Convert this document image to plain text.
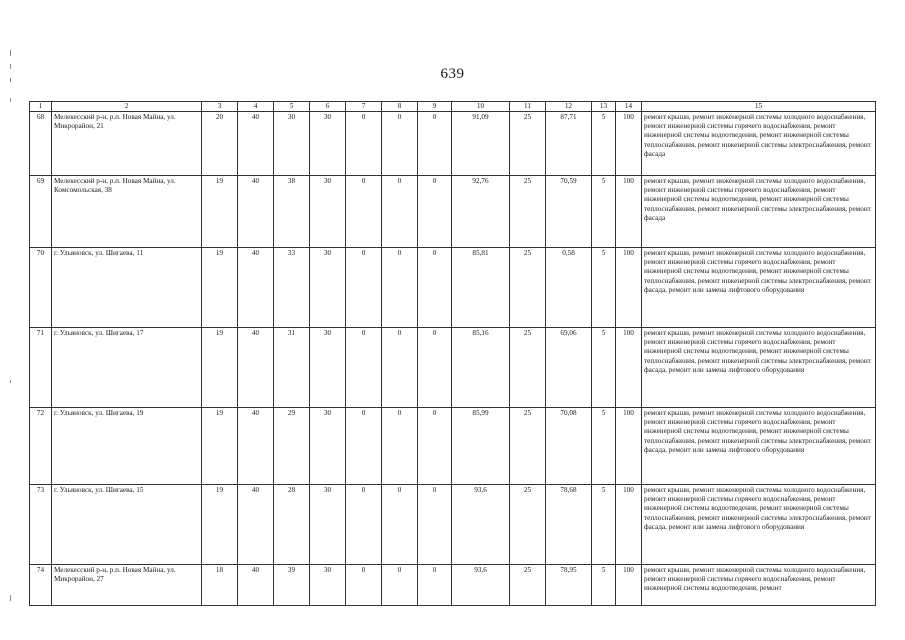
639
1	2	3	4	5	6	7	8	9	10	11	12	13	14	15
68	Мелекесский р-н, р.п. Новая Майна, ул. Микрорайон, 21	20	40	30	30	0	0	0	91,09	25	87,71	5	100	ремонт крыши, ремонт инженерной системы холодного водоснабжения, ремонт инженерной системы горячего водоснабжения, ремонт инженерной системы водоотведения, ремонт инженерной системы теплоснабжения, ремонт инженерной системы электроснабжения, ремонт фасада
69	Мелекесский р-н, р.п. Новая Майна, ул. Комсомольская, 38	19	40	38	30	0	0	0	92,76	25	70,59	5	100	ремонт крыши, ремонт инженерной системы холодного водоснабжения, ремонт инженерной системы горячего водоснабжения, ремонт инженерной системы водоотведения, ремонт инженерной системы теплоснабжения, ремонт инженерной системы электроснабжения, ремонт фасада
70	г. Ульяновск, ул. Шигаева, 11	19	40	33	30	0	0	0	85,81	25	0,58	5	100	ремонт крыши, ремонт инженерной системы холодного водоснабжения, ремонт инженерной системы горячего водоснабжения, ремонт инженерной системы водоотведения, ремонт инженерной системы теплоснабжения, ремонт инженерной системы электроснабжения, ремонт фасада, ремонт или замена лифтового оборудования
71	г. Ульяновск, ул. Шигаева, 17	19	40	31	30	0	0	0	85,16	25	69,06	5	100	ремонт крыши, ремонт инженерной системы холодного водоснабжения, ремонт инженерной системы горячего водоснабжения, ремонт инженерной системы водоотведения, ремонт инженерной системы теплоснабжения, ремонт инженерной системы электроснабжения, ремонт фасада, ремонт или замена лифтового оборудования
72	г. Ульяновск, ул. Шигаева, 19	19	40	29	30	0	0	0	85,99	25	70,08	5	100	ремонт крыши, ремонт инженерной системы холодного водоснабжения, ремонт инженерной системы горячего водоснабжения, ремонт инженерной системы водоотведения, ремонт инженерной системы теплоснабжения, ремонт инженерной системы электроснабжения, ремонт фасада, ремонт или замена лифтового оборудования
73	г. Ульяновск, ул. Шигаева, 15	19	40	28	30	0	0	0	93,6	25	78,68	5	100	ремонт крыши, ремонт инженерной системы холодного водоснабжения, ремонт инженерной системы горячего водоснабжения, ремонт инженерной системы водоотведения, ремонт инженерной системы теплоснабжения, ремонт инженерной системы электроснабжения, ремонт фасада, ремонт или замена лифтового оборудования
74	Мелекесский р-н, р.п. Новая Майна, ул. Микрорайон, 27	18	40	39	30	0	0	0	93,6	25	78,95	5	100	ремонт крыши, ремонт инженерной системы холодного водоснабжения, ремонт инженерной системы горячего водоснабжения, ремонт инженерной системы водоотведения, ремонт
